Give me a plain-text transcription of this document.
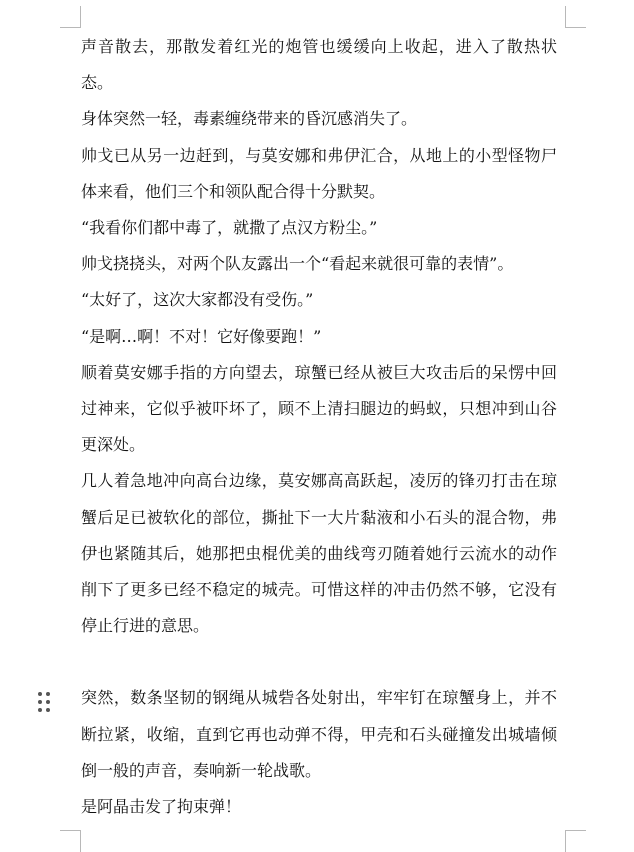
声音散去，那散发着红光的炮管也缓缓向上收起，进入了散热状态。

身体突然一轻，毒素缠绕带来的昏沉感消失了。

帅戈已从另一边赶到，与莫安娜和弗伊汇合，从地上的小型怪物尸体来看，他们三个和领队配合得十分默契。

“我看你们都中毒了，就撒了点汉方粉尘。”

帅戈挠挠头，对两个队友露出一个“看起来就很可靠的表情”。

“太好了，这次大家都没有受伤。”

“是啊…啊！不对！它好像要跑！”

顺着莫安娜手指的方向望去，琼蟹已经从被巨大攻击后的呆愣中回过神来，它似乎被吓坏了，顾不上清扫腿边的蚂蚁，只想冲到山谷更深处。

几人着急地冲向高台边缘，莫安娜高高跃起，凌厉的锋刃打击在琼蟹后足已被软化的部位，撕扯下一大片黏液和小石头的混合物，弗伊也紧随其后，她那把虫棍优美的曲线弯刃随着她行云流水的动作削下了更多已经不稳定的城壳。可惜这样的冲击仍然不够，它没有停止行进的意思。

突然，数条坚韧的钢绳从城砦各处射出，牢牢钉在琼蟹身上，并不断拉紧，收缩，直到它再也动弹不得，甲壳和石头碰撞发出城墙倾倒一般的声音，奏响新一轮战歌。

是阿晶击发了拘束弹！
